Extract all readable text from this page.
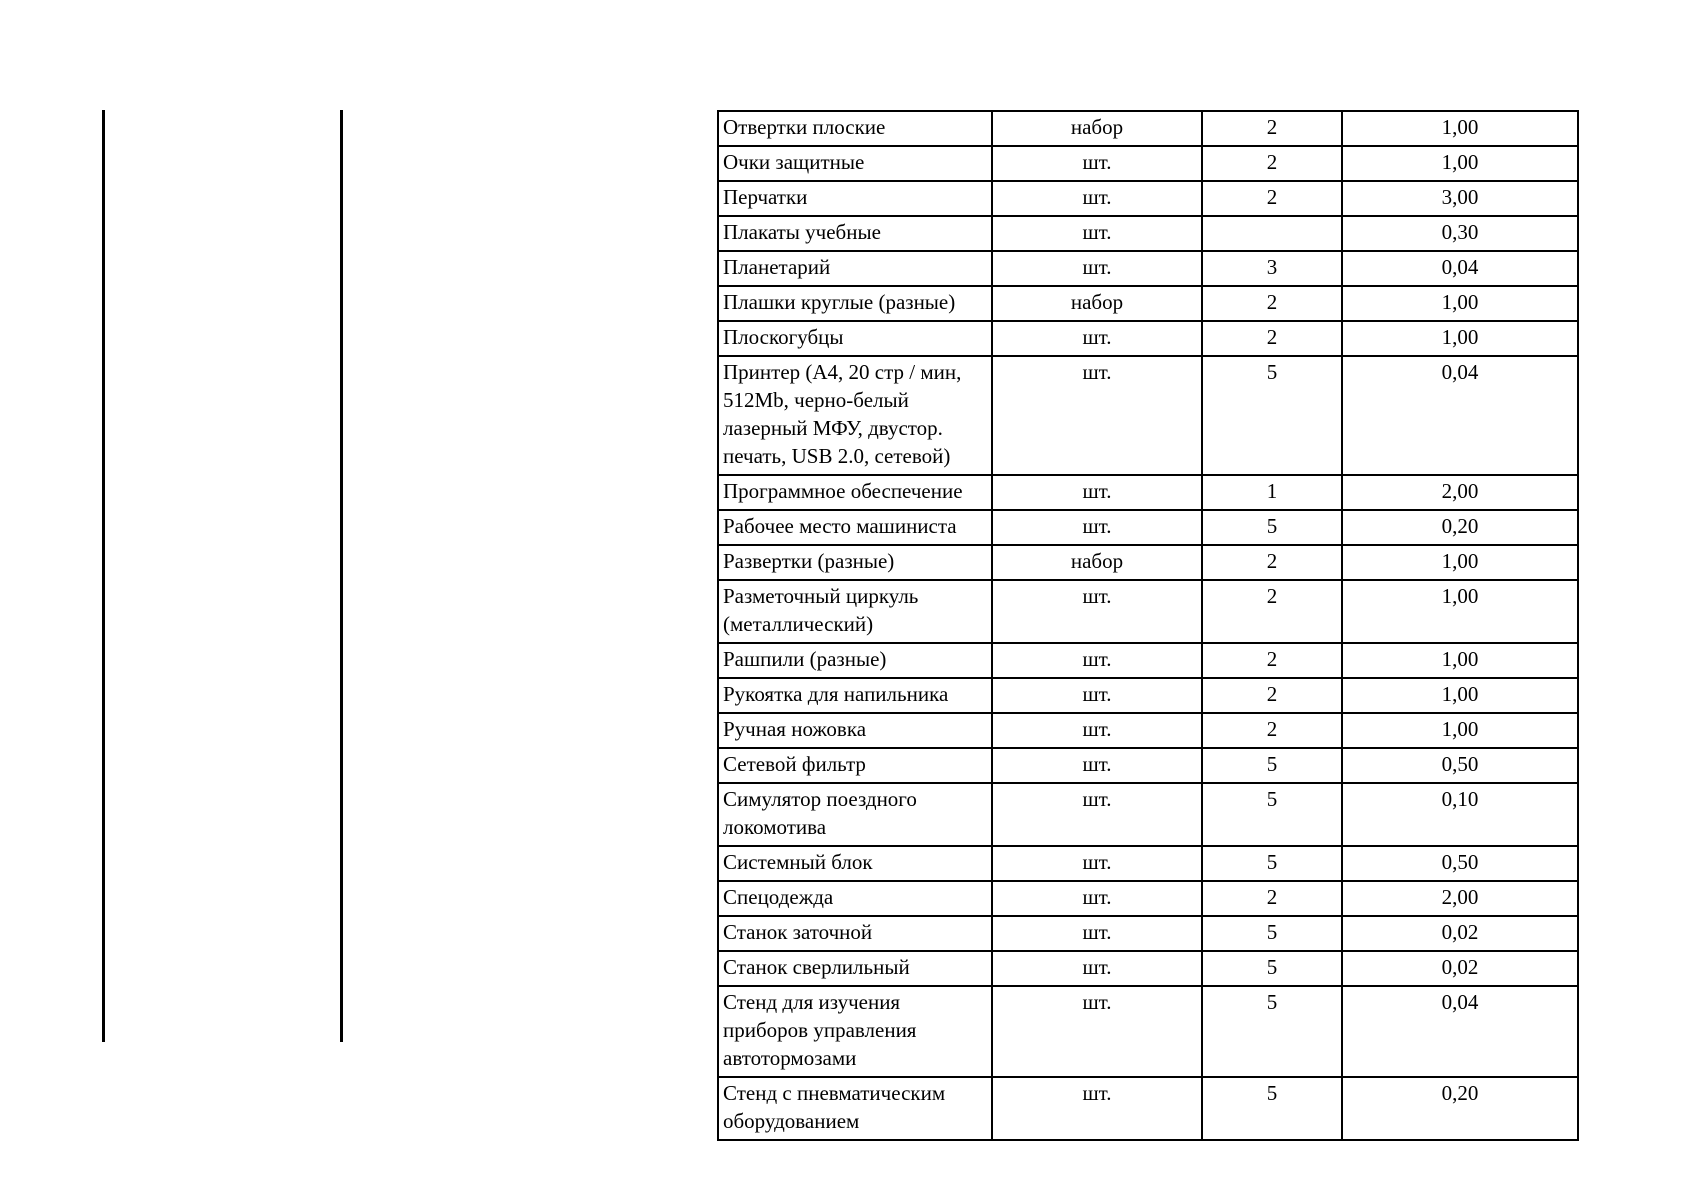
Отвертки плоские	набор	2	1,00
Очки защитные	шт.	2	1,00
Перчатки	шт.	2	3,00
Плакаты учебные	шт.		0,30
Планетарий	шт.	3	0,04
Плашки круглые (разные)	набор	2	1,00
Плоскогубцы	шт.	2	1,00
Принтер (А4, 20 стр / мин, 512Mb, черно-белый лазерный МФУ, двустор. печать, USB 2.0, сетевой)	шт.	5	0,04
Программное обеспечение	шт.	1	2,00
Рабочее место машиниста	шт.	5	0,20
Развертки (разные)	набор	2	1,00
Разметочный циркуль (металлический)	шт.	2	1,00
Рашпили (разные)	шт.	2	1,00
Рукоятка для напильника	шт.	2	1,00
Ручная ножовка	шт.	2	1,00
Сетевой фильтр	шт.	5	0,50
Симулятор поездного локомотива	шт.	5	0,10
Системный блок	шт.	5	0,50
Спецодежда	шт.	2	2,00
Станок заточной	шт.	5	0,02
Станок сверлильный	шт.	5	0,02
Стенд для изучения приборов управления автотормозами	шт.	5	0,04
Стенд с пневматическим оборудованием	шт.	5	0,20
